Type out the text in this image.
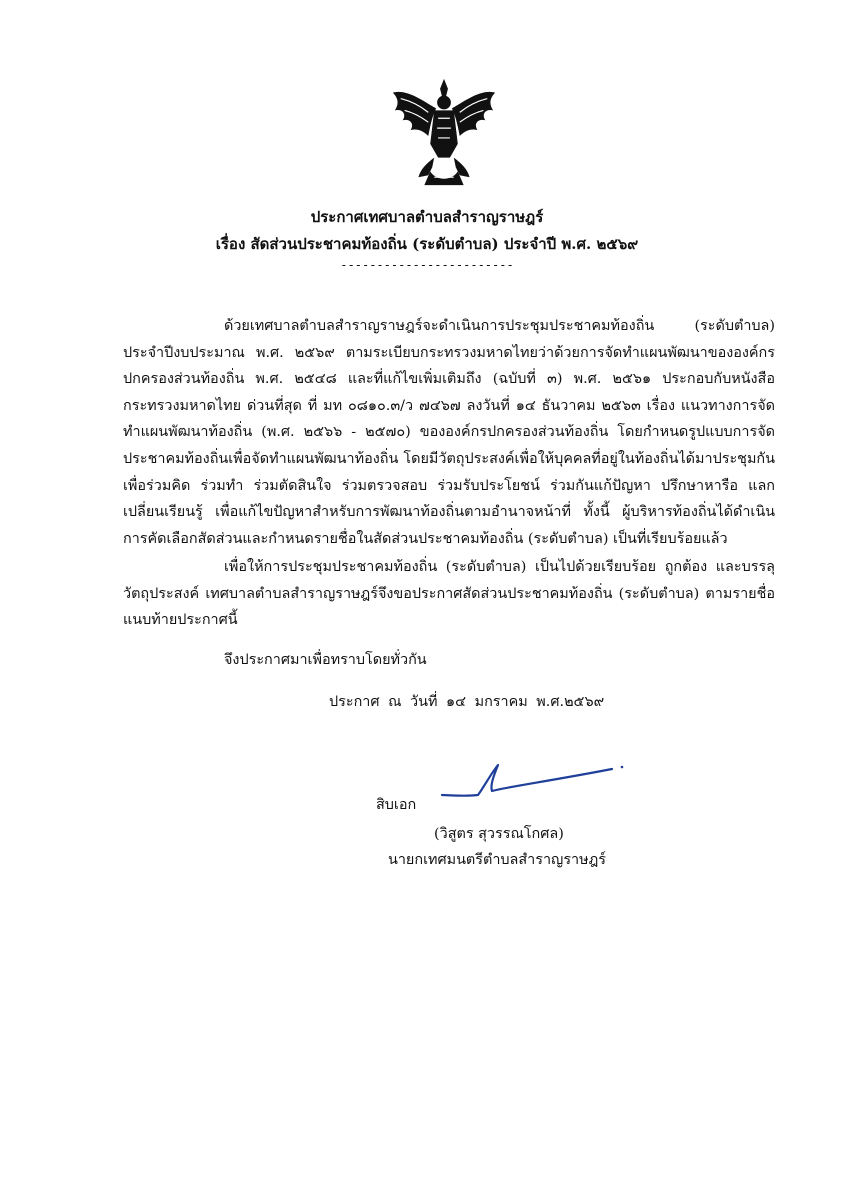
ประกาศเทศบาลตำบลสำราญราษฎร์
เรื่อง สัดส่วนประชาคมท้องถิ่น (ระดับตำบล) ประจำปี พ.ศ. ๒๕๖๙
------------------------

ด้วยเทศบาลตำบลสำราญราษฎร์จะดำเนินการประชุมประชาคมท้องถิ่น (ระดับตำบล) ประจำปีงบประมาณ พ.ศ. ๒๕๖๙ ตามระเบียบกระทรวงมหาดไทยว่าด้วยการจัดทำแผนพัฒนาขององค์กรปกครองส่วนท้องถิ่น พ.ศ. ๒๕๔๘ และที่แก้ไขเพิ่มเติมถึง (ฉบับที่ ๓) พ.ศ. ๒๕๖๑ ประกอบกับหนังสือกระทรวงมหาดไทย ด่วนที่สุด ที่ มท ๐๘๑๐.๓/ว ๗๔๖๗ ลงวันที่ ๑๔ ธันวาคม ๒๕๖๓ เรื่อง แนวทางการจัดทำแผนพัฒนาท้องถิ่น (พ.ศ. ๒๕๖๖ - ๒๕๗๐) ขององค์กรปกครองส่วนท้องถิ่น โดยกำหนดรูปแบบการจัดประชาคมท้องถิ่นเพื่อจัดทำแผนพัฒนาท้องถิ่น โดยมีวัตถุประสงค์เพื่อให้บุคคลที่อยู่ในท้องถิ่นได้มาประชุมกันเพื่อร่วมคิด ร่วมทำ ร่วมตัดสินใจ ร่วมตรวจสอบ ร่วมรับประโยชน์ ร่วมกันแก้ปัญหา ปรึกษาหารือ แลกเปลี่ยนเรียนรู้ เพื่อแก้ไขปัญหาสำหรับการพัฒนาท้องถิ่นตามอำนาจหน้าที่ ทั้งนี้ ผู้บริหารท้องถิ่นได้ดำเนินการคัดเลือกสัดส่วนและกำหนดรายชื่อในสัดส่วนประชาคมท้องถิ่น (ระดับตำบล) เป็นที่เรียบร้อยแล้ว

เพื่อให้การประชุมประชาคมท้องถิ่น (ระดับตำบล) เป็นไปด้วยเรียบร้อย ถูกต้อง และบรรลุวัตถุประสงค์ เทศบาลตำบลสำราญราษฎร์จึงขอประกาศสัดส่วนประชาคมท้องถิ่น (ระดับตำบล) ตามรายชื่อแนบท้ายประกาศนี้

จึงประกาศมาเพื่อทราบโดยทั่วกัน
ประกาศ ณ วันที่ ๑๔ มกราคม พ.ศ.๒๕๖๙
สิบเอก
(วิสูตร สุวรรณโกศล)
นายกเทศมนตรีตำบลสำราญราษฎร์
